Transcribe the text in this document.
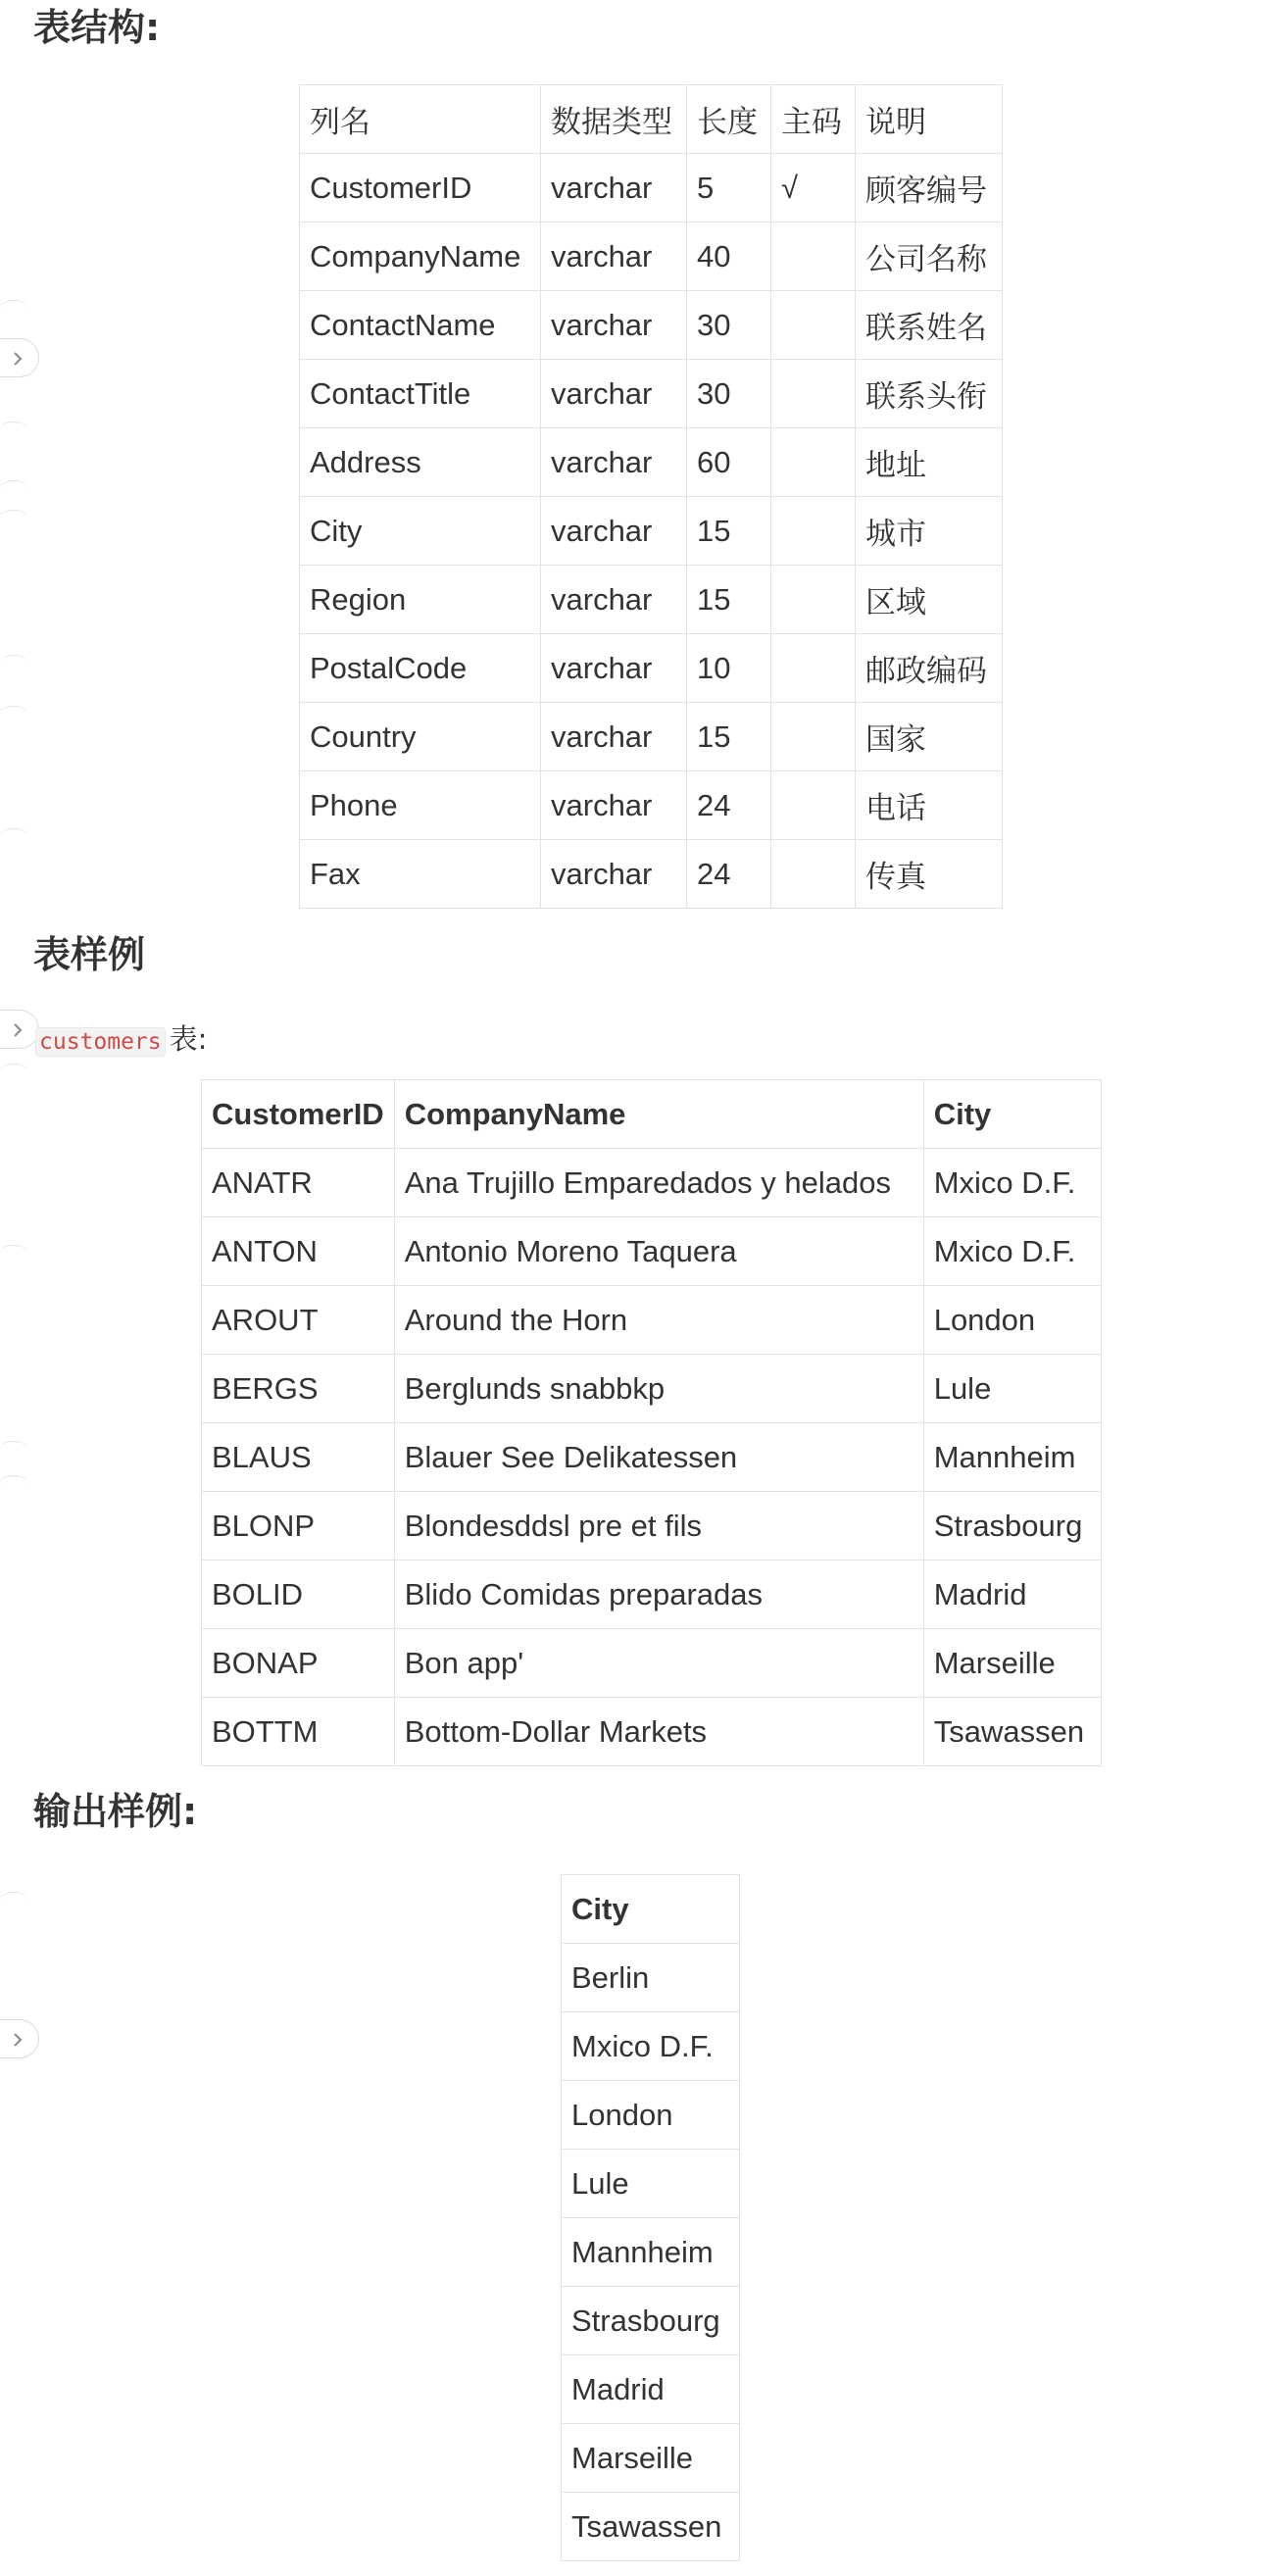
表结构:
列名	数据类型	长度	主码	说明
CustomerID	varchar	5	√	顾客编号
CompanyName	varchar	40		公司名称
ContactName	varchar	30		联系姓名
ContactTitle	varchar	30		联系头衔
Address	varchar	60		地址
City	varchar	15		城市
Region	varchar	15		区域
PostalCode	varchar	10		邮政编码
Country	varchar	15		国家
Phone	varchar	24		电话
Fax	varchar	24		传真
表样例

customers 表:

CustomerID	CompanyName	City
ANATR	Ana Trujillo Emparedados y helados	Mxico D.F.
ANTON	Antonio Moreno Taquera	Mxico D.F.
AROUT	Around the Horn	London
BERGS	Berglunds snabbkp	Lule
BLAUS	Blauer See Delikatessen	Mannheim
BLONP	Blondesddsl pre et fils	Strasbourg
BOLID	Blido Comidas preparadas	Madrid
BONAP	Bon app'	Marseille
BOTTM	Bottom-Dollar Markets	Tsawassen
输出样例:
City
Berlin
Mxico D.F.
London
Lule
Mannheim
Strasbourg
Madrid
Marseille
Tsawassen
